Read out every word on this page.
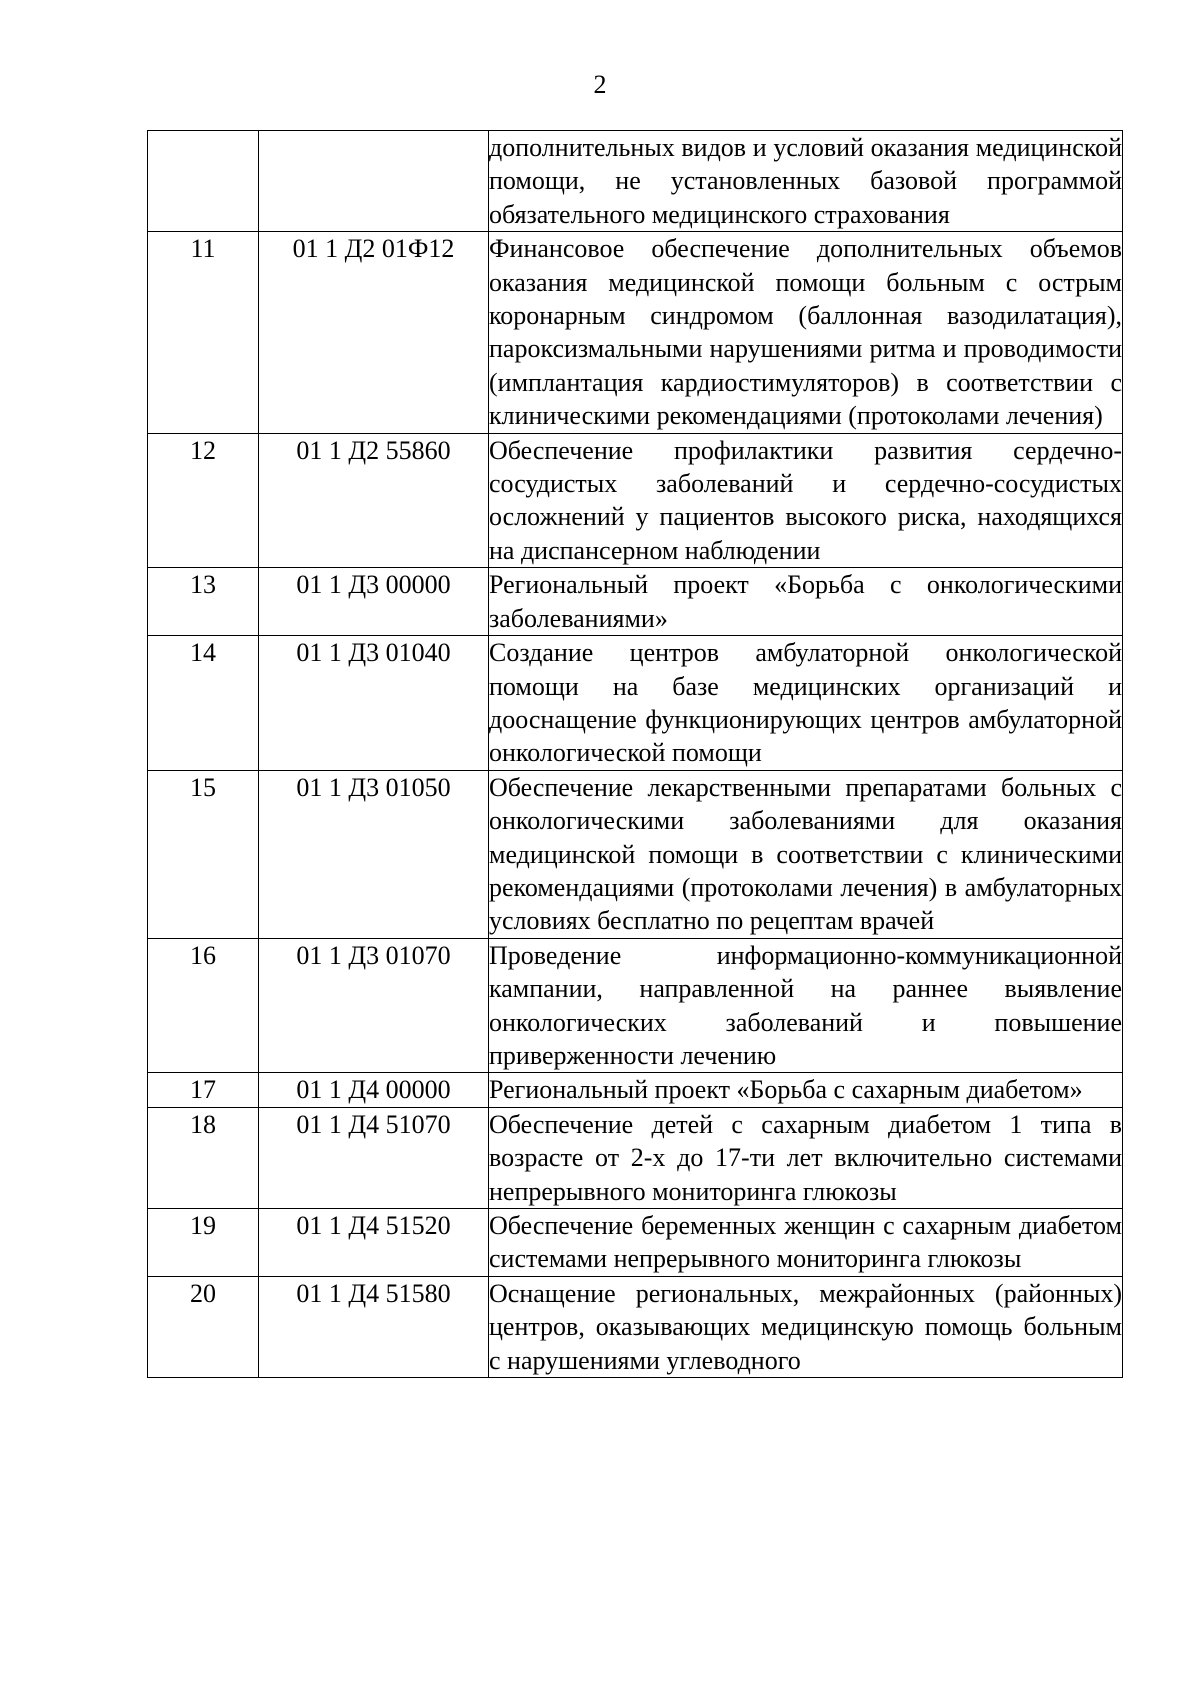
2
		дополнительных видов и условий оказания медицинской помощи, не установленных базовой программой обязательного медицинского страхования
11	01 1 Д2 01Ф12	Финансовое обеспечение дополнительных объемов оказания медицинской помощи больным с острым коронарным синдромом (баллонная вазодилатация), пароксизмальными нарушениями ритма и проводимости (имплантация кардиостимуляторов) в соответствии с клиническими рекомендациями (протоколами лечения)
12	01 1 Д2 55860	Обеспечение профилактики развития сердечно- сосудистых заболеваний и сердечно-сосудистых осложнений у пациентов высокого риска, находящихся на диспансерном наблюдении
13	01 1 Д3 00000	Региональный проект «Борьба с онкологическими заболеваниями»
14	01 1 Д3 01040	Создание центров амбулаторной онкологической помощи на базе медицинских организаций и дооснащение функционирующих центров амбулаторной онкологической помощи
15	01 1 Д3 01050	Обеспечение лекарственными препаратами больных с онкологическими заболеваниями для оказания медицинской помощи в соответствии с клиническими рекомендациями (протоколами лечения) в амбулаторных условиях бесплатно по рецептам врачей
16	01 1 Д3 01070	Проведение информационно-коммуникационной кампании, направленной на раннее выявление онкологических заболеваний и повышение приверженности лечению
17	01 1 Д4 00000	Региональный проект «Борьба с сахарным диабетом»
18	01 1 Д4 51070	Обеспечение детей с сахарным диабетом 1 типа в возрасте от 2-х до 17-ти лет включительно системами непрерывного мониторинга глюкозы
19	01 1 Д4 51520	Обеспечение беременных женщин с сахарным диабетом системами непрерывного мониторинга глюкозы
20	01 1 Д4 51580	Оснащение региональных, межрайонных (районных) центров, оказывающих медицинскую помощь больным с нарушениями углеводного
